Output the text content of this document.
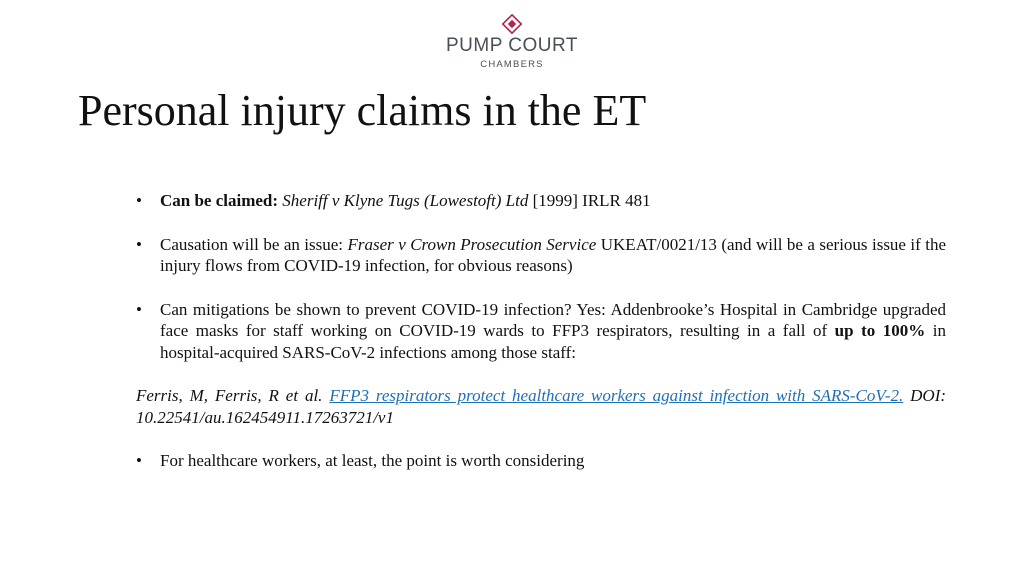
PUMP COURT
CHAMBERS
Personal injury claims in the ET

• Can be claimed: Sheriff v Klyne Tugs (Lowestoft) Ltd [1999] IRLR 481

• Causation will be an issue: Fraser v Crown Prosecution Service UKEAT/0021/13 (and will be a serious issue if the injury flows from COVID-19 infection, for obvious reasons)

• Can mitigations be shown to prevent COVID-19 infection? Yes: Addenbrooke’s Hospital in Cambridge upgraded face masks for staff working on COVID-19 wards to FFP3 respirators, resulting in a fall of up to 100% in hospital-acquired SARS-CoV-2 infections among those staff:

Ferris, M, Ferris, R et al. FFP3 respirators protect healthcare workers against infection with SARS-CoV-2. DOI: 10.22541/au.162454911.17263721/v1

• For healthcare workers, at least, the point is worth considering
